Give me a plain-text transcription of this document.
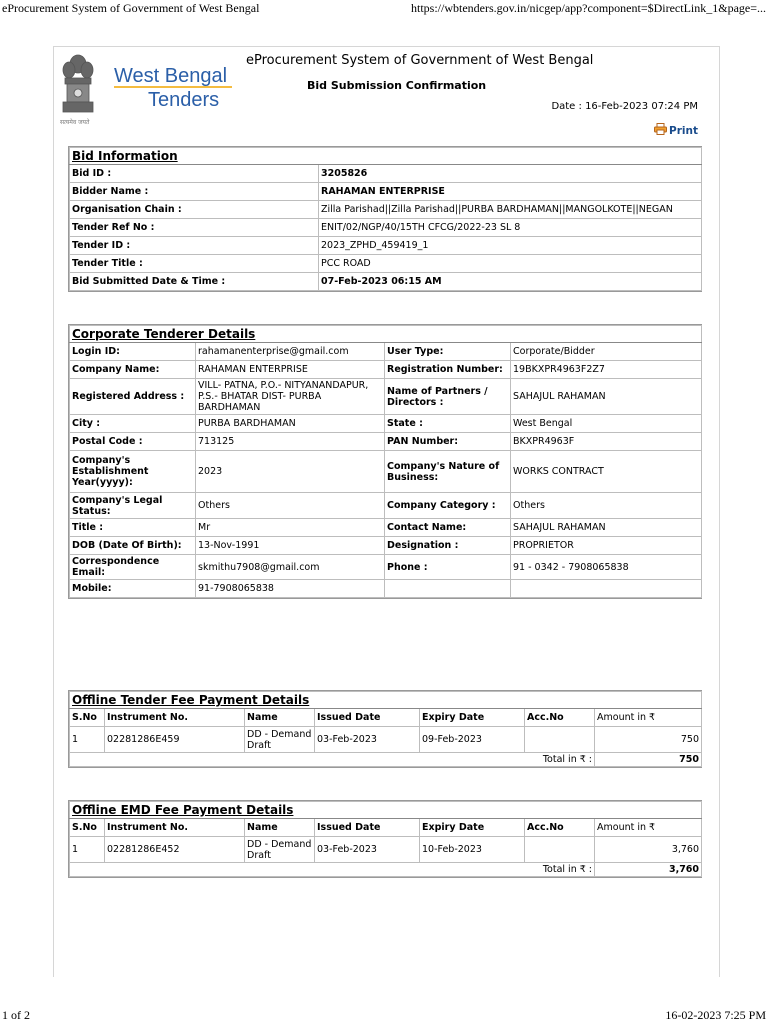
eProcurement System of Government of West Bengal	https://wbtenders.gov.in/nicgep/app?component=$DirectLink_1&page=...
सत्यमेव जयते
West Bengal
Tenders
eProcurement System of Government of West Bengal
Bid Submission Confirmation
Date : 16-Feb-2023 07:24 PM
Print
Bid Information	
Bid ID :	3205826
Bidder Name :	RAHAMAN ENTERPRISE
Organisation Chain :	Zilla Parishad||Zilla Parishad||PURBA BARDHAMAN||MANGOLKOTE||NEGAN
Tender Ref No :	ENIT/02/NGP/40/15TH CFCG/2022-23 SL 8
Tender ID :	2023_ZPHD_459419_1
Tender Title :	PCC ROAD
Bid Submitted Date & Time :	07-Feb-2023 06:15 AM
Corporate Tenderer Details			
Login ID:	rahamanenterprise@gmail.com	User Type:	Corporate/Bidder
Company Name:	RAHAMAN ENTERPRISE	Registration Number:	19BKXPR4963F2Z7
Registered Address :	VILL- PATNA, P.O.- NITYANANDAPUR, P.S.- BHATAR DIST- PURBA BARDHAMAN	Name of Partners / Directors :	SAHAJUL RAHAMAN
City :	PURBA BARDHAMAN	State :	West Bengal
Postal Code :	713125	PAN Number:	BKXPR4963F
Company's Establishment Year(yyyy):	2023	Company's Nature of Business:	WORKS CONTRACT
Company's Legal Status:	Others	Company Category :	Others
Title :	Mr	Contact Name:	SAHAJUL RAHAMAN
DOB (Date Of Birth):	13-Nov-1991	Designation :	PROPRIETOR
Correspondence Email:	skmithu7908@gmail.com	Phone :	91 - 0342 - 7908065838
Mobile:	91-7908065838		
Offline Tender Fee Payment Details						
S.No	Instrument No.	Name	Issued Date	Expiry Date	Acc.No	Amount in ₹
1	02281286E459	DD - Demand Draft	03-Feb-2023	09-Feb-2023		750
Total in ₹ :						750
Offline EMD Fee Payment Details						
S.No	Instrument No.	Name	Issued Date	Expiry Date	Acc.No	Amount in ₹
1	02281286E452	DD - Demand Draft	03-Feb-2023	10-Feb-2023		3,760
Total in ₹ :						3,760
1 of 2	16-02-2023 7:25 PM
